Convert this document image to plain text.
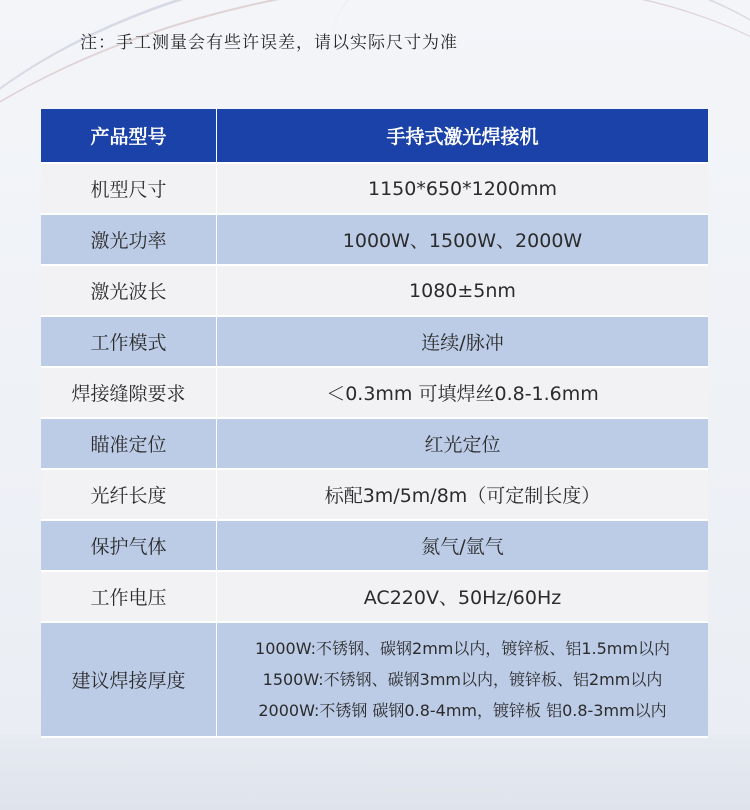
注：手工测量会有些许误差，请以实际尺寸为准
产品型号	手持式激光焊接机
机型尺寸	1150*650*1200mm
激光功率	1000W、1500W、2000W
激光波长	1080±5nm
工作模式	连续/脉冲
焊接缝隙要求	＜0.3mm 可填焊丝0.8-1.6mm
瞄准定位	红光定位
光纤长度	标配3m/5m/8m（可定制长度）
保护气体	氮气/氩气
工作电压	AC220V、50Hz/60Hz
建议焊接厚度	1000W:不锈钢、碳钢2mm以内，镀锌板、铝1.5mm以内
1500W:不锈钢、碳钢3mm以内，镀锌板、铝2mm以内
2000W:不锈钢 碳钢0.8-4mm，镀锌板 铝0.8-3mm以内
